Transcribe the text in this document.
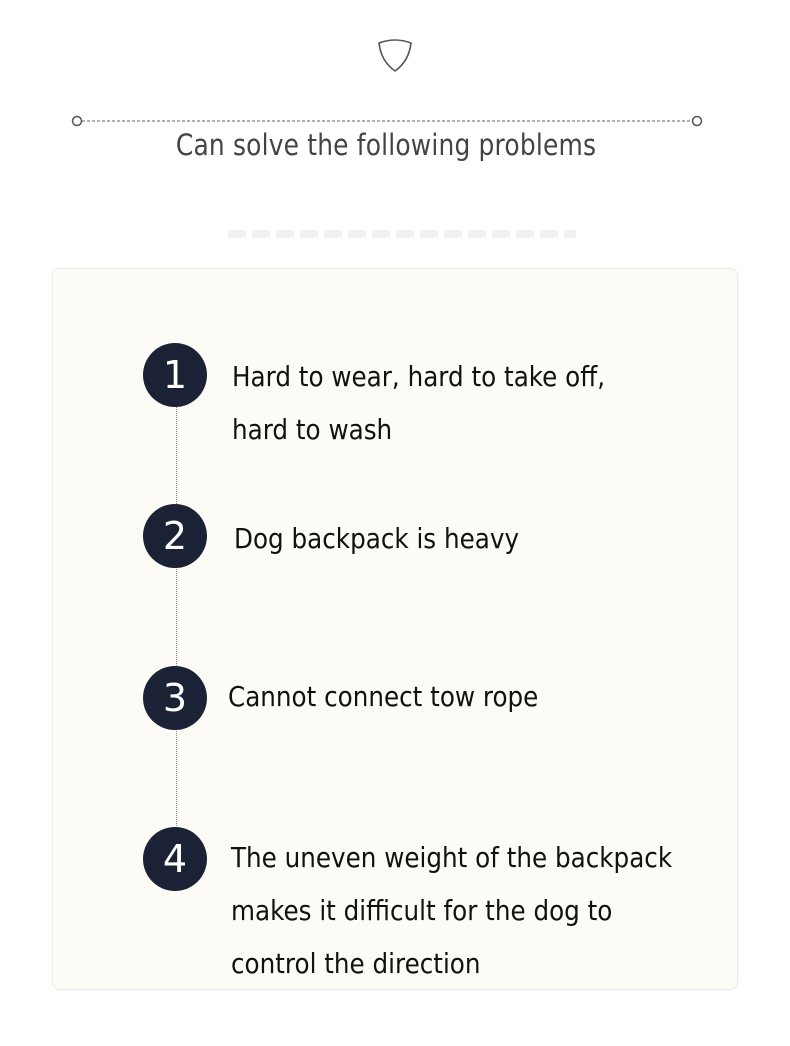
Can solve the following problems
1	Hard to wear, hard to take off,
hard to wash
2	Dog backpack is heavy
3	Cannot connect tow rope
4	The uneven weight of the backpack
makes it difficult for the dog to
control the direction
